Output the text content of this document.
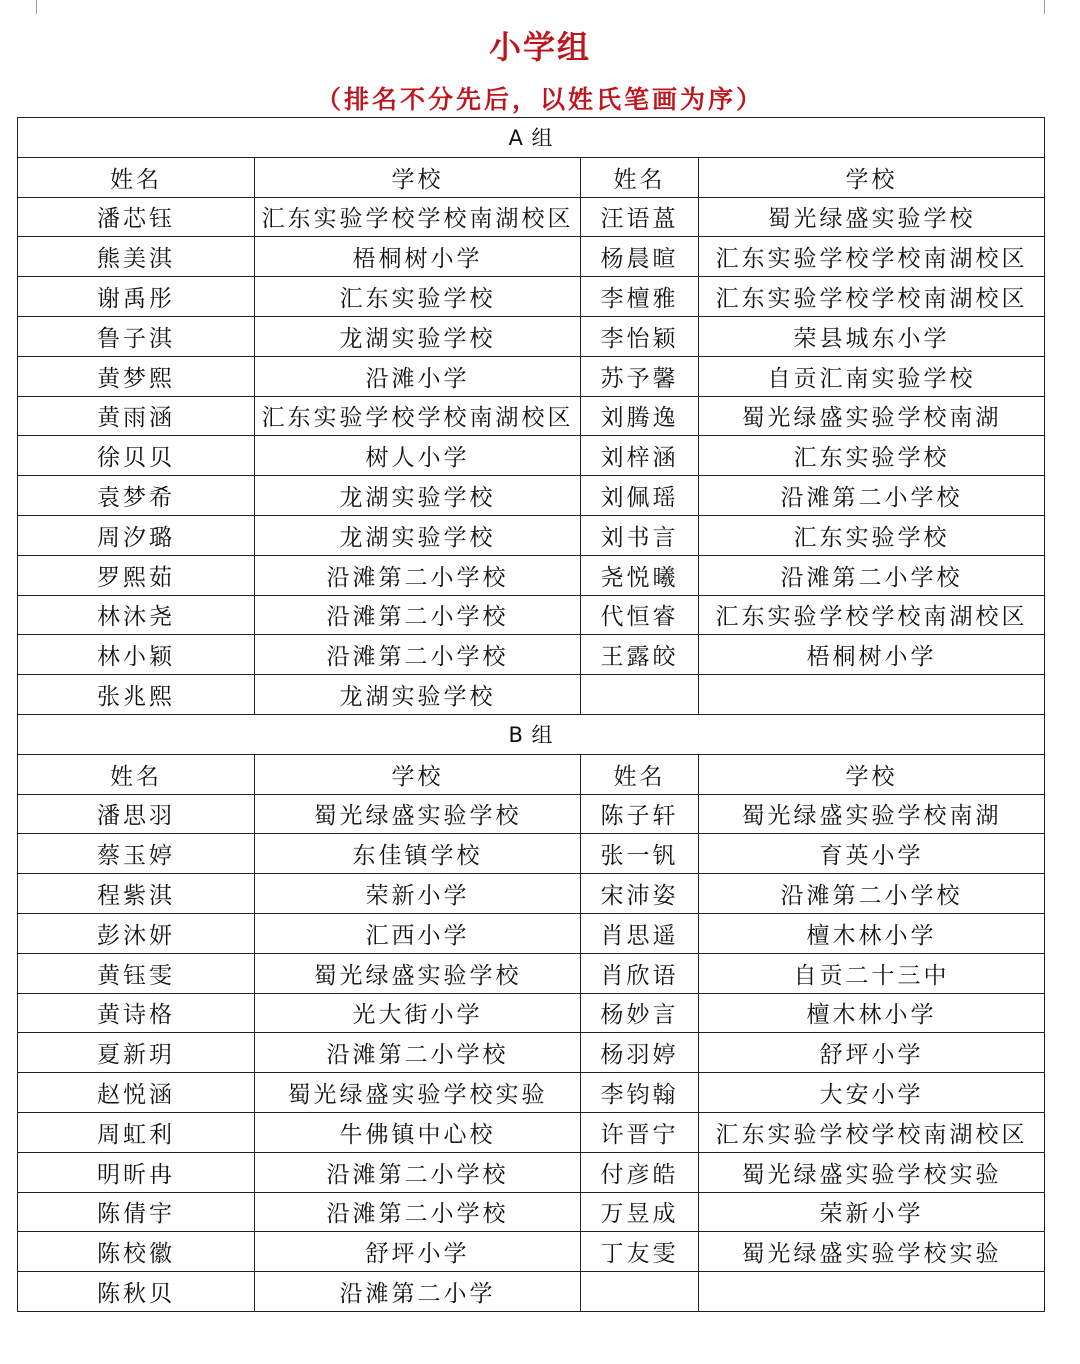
小学组
（排名不分先后，以姓氏笔画为序）
A 组			
姓名	学校	姓名	学校
潘芯钰	汇东实验学校学校南湖校区	汪语蒕	蜀光绿盛实验学校
熊美淇	梧桐树小学	杨晨暄	汇东实验学校学校南湖校区
谢禹彤	汇东实验学校	李檀雅	汇东实验学校学校南湖校区
鲁子淇	龙湖实验学校	李怡颖	荣县城东小学
黄梦熙	沿滩小学	苏予馨	自贡汇南实验学校
黄雨涵	汇东实验学校学校南湖校区	刘腾逸	蜀光绿盛实验学校南湖
徐贝贝	树人小学	刘梓涵	汇东实验学校
袁梦希	龙湖实验学校	刘佩瑶	沿滩第二小学校
周汐璐	龙湖实验学校	刘书言	汇东实验学校
罗熙茹	沿滩第二小学校	尧悦曦	沿滩第二小学校
林沐尧	沿滩第二小学校	代恒睿	汇东实验学校学校南湖校区
林小颖	沿滩第二小学校	王露皎	梧桐树小学
张兆熙	龙湖实验学校		
B 组			
姓名	学校	姓名	学校
潘思羽	蜀光绿盛实验学校	陈子轩	蜀光绿盛实验学校南湖
蔡玉婷	东佳镇学校	张一钒	育英小学
程紫淇	荣新小学	宋沛姿	沿滩第二小学校
彭沐妍	汇西小学	肖思遥	檀木林小学
黄钰雯	蜀光绿盛实验学校	肖欣语	自贡二十三中
黄诗格	光大街小学	杨妙言	檀木林小学
夏新玥	沿滩第二小学校	杨羽婷	舒坪小学
赵悦涵	蜀光绿盛实验学校实验	李钧翰	大安小学
周虹利	牛佛镇中心校	许晋宁	汇东实验学校学校南湖校区
明昕冉	沿滩第二小学校	付彦皓	蜀光绿盛实验学校实验
陈倩宇	沿滩第二小学校	万昱成	荣新小学
陈校徽	舒坪小学	丁友雯	蜀光绿盛实验学校实验
陈秋贝	沿滩第二小学		
